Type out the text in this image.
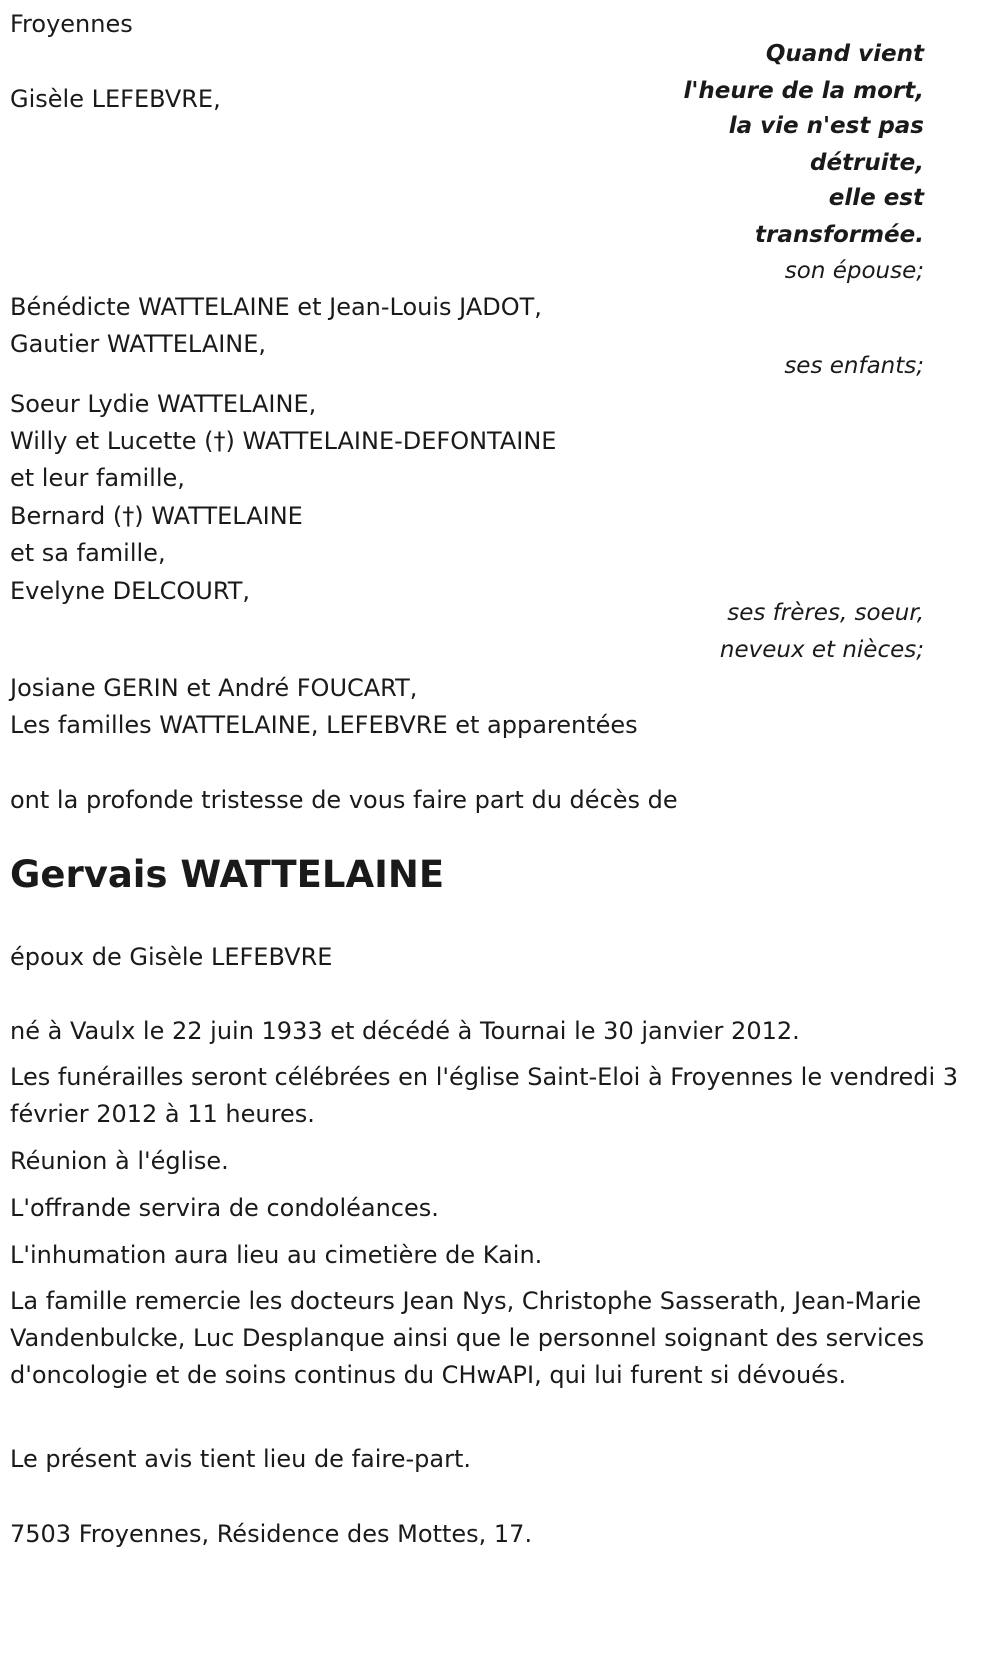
Froyennes
Quand vient
l'heure de la mort,
la vie n'est pas
détruite,
elle est
transformée.
Gisèle LEFEBVRE,
son épouse;
Bénédicte WATTELAINE et Jean-Louis JADOT,
Gautier WATTELAINE,
ses enfants;
Soeur Lydie WATTELAINE,
Willy et Lucette (†) WATTELAINE-DEFONTAINE
et leur famille,
Bernard (†) WATTELAINE
et sa famille,
Evelyne DELCOURT,
ses frères, soeur,
neveux et nièces;
Josiane GERIN et André FOUCART,
Les familles WATTELAINE, LEFEBVRE et apparentées
ont la profonde tristesse de vous faire part du décès de
Gervais WATTELAINE
époux de Gisèle LEFEBVRE
né à Vaulx le 22 juin 1933 et décédé à Tournai le 30 janvier 2012.
Les funérailles seront célébrées en l'église Saint-Eloi à Froyennes le vendredi 3 février 2012 à 11 heures.
Réunion à l'église.
L'offrande servira de condoléances.
L'inhumation aura lieu au cimetière de Kain.
La famille remercie les docteurs Jean Nys, Christophe Sasserath, Jean-Marie Vandenbulcke, Luc Desplanque ainsi que le personnel soignant des services d'oncologie et de soins continus du CHwAPI, qui lui furent si dévoués.
Le présent avis tient lieu de faire-part.
7503 Froyennes, Résidence des Mottes, 17.
